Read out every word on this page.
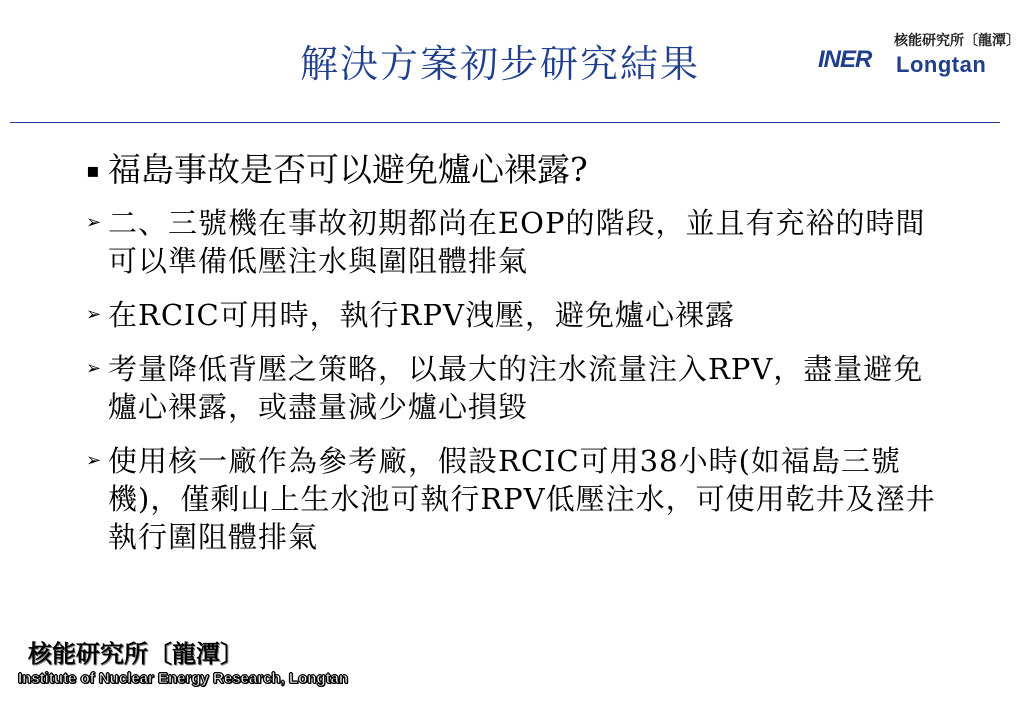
解決方案初步研究結果	INER
核能研究所〔龍潭〕
Longtan
▪ 福島事故是否可以避免爐心裸露?
➢ 二、三號機在事故初期都尚在EOP的階段，並且有充裕的時間可以準備低壓注水與圍阻體排氣
➢ 在RCIC可用時，執行RPV洩壓，避免爐心裸露
➢ 考量降低背壓之策略，以最大的注水流量注入RPV，盡量避免爐心裸露，或盡量減少爐心損毀
➢ 使用核一廠作為參考廠，假設RCIC可用38小時(如福島三號機)，僅剩山上生水池可執行RPV低壓注水，可使用乾井及溼井執行圍阻體排氣
核能研究所〔龍潭〕
Institute of Nuclear Energy Research, Longtan
